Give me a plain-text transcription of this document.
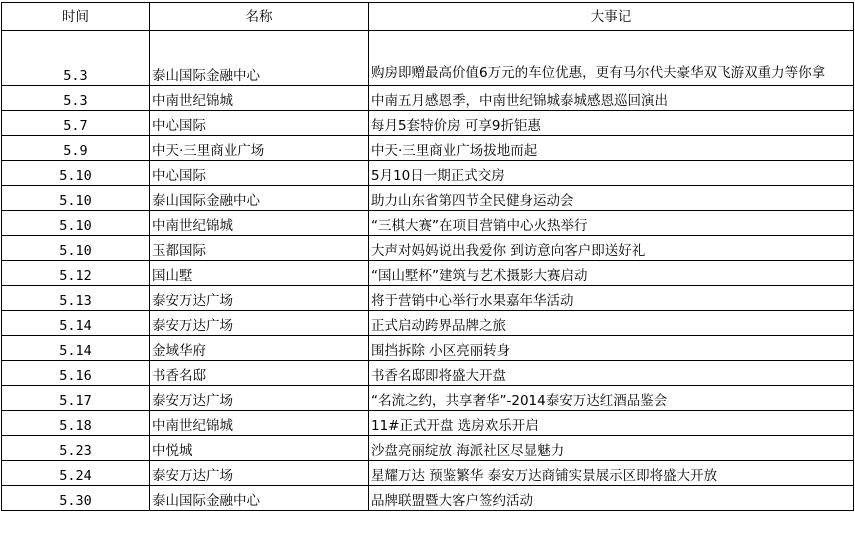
时间	名称	大事记
5.3	泰山国际金融中心	购房即赠最高价值6万元的车位优惠，更有马尔代夫豪华双飞游双重力等你拿
5.3	中南世纪锦城	中南五月感恩季，中南世纪锦城泰城感恩巡回演出
5.7	中心国际	每月5套特价房 可享9折钜惠
5.9	中天·三里商业广场	中天·三里商业广场拔地而起
5.10	中心国际	5月10日一期正式交房
5.10	泰山国际金融中心	助力山东省第四节全民健身运动会
5.10	中南世纪锦城	“三棋大赛”在项目营销中心火热举行
5.10	玉都国际	大声对妈妈说出我爱你 到访意向客户即送好礼
5.12	国山墅	“国山墅杯”建筑与艺术摄影大赛启动
5.13	泰安万达广场	将于营销中心举行水果嘉年华活动
5.14	泰安万达广场	正式启动跨界品牌之旅
5.14	金域华府	围挡拆除 小区亮丽转身
5.16	书香名邸	书香名邸即将盛大开盘
5.17	泰安万达广场	“名流之约，共享奢华”-2014泰安万达红酒品鉴会
5.18	中南世纪锦城	11#正式开盘 选房欢乐开启
5.23	中悦城	沙盘亮丽绽放 海派社区尽显魅力
5.24	泰安万达广场	星耀万达 预鉴繁华 泰安万达商铺实景展示区即将盛大开放
5.30	泰山国际金融中心	品牌联盟暨大客户签约活动
